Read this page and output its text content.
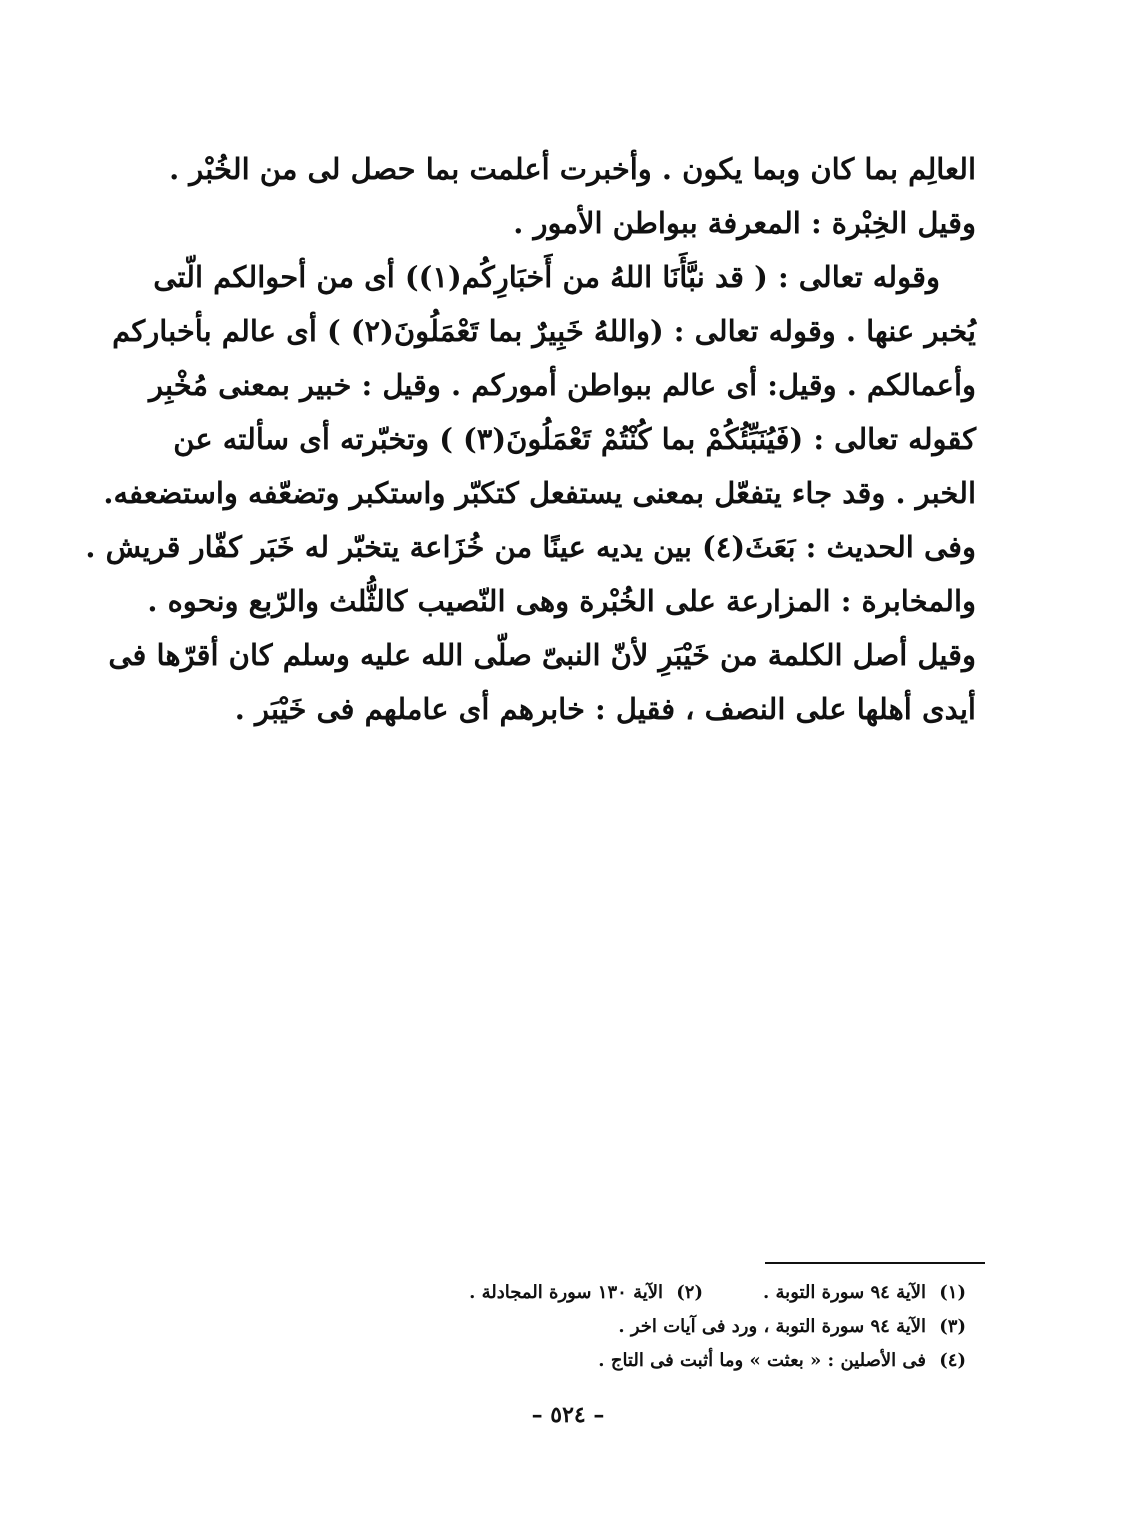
العالِم بما كان وبما يكون . وأخبرت أعلمت بما حصل لى من الخُبْر .
وقيل الخِبْرة : المعرفة ببواطن الأمور .
وقوله تعالى : ( قد نبَّأَنَا اللهُ من أَخبَارِكُم(١)) أى من أحوالكم الّتى
يُخبر عنها . وقوله تعالى : (واللهُ خَبِيرٌ بما تَعْمَلُونَ(٢) ) أى عالم بأخباركم
وأعمالكم . وقيل: أى عالم ببواطن أموركم . وقيل : خبير بمعنى مُخْبِر
كقوله تعالى : (فَيُنَبِّئُكُمْ بما كُنْتُمْ تَعْمَلُونَ(٣) ) وتخبّرته أى سألته عن
الخبر . وقد جاء يتفعّل بمعنى يستفعل كتكبّر واستكبر وتضعّفه واستضعفه.
وفى الحديث : بَعَثَ(٤) بين يديه عينًا من خُزَاعة يتخبّر له خَبَر كفّار قريش .
والمخابرة : المزارعة على الخُبْرة وهى النّصيب كالثُّلث والرّبع ونحوه .
وقيل أصل الكلمة من خَيْبَرِ لأنّ النبىّ صلّى الله عليه وسلم كان أقرّها فى
أيدى أهلها على النصف ، فقيل : خابرهم أى عاملهم فى خَيْبَر .
(١)
الآية ٩٤ سورة التوبة .
(٢)
الآية ١٣٠ سورة المجادلة .
(٣)
الآية ٩٤ سورة التوبة ، ورد فى آيات اخر .
(٤)
فى الأصلين : « بعثت » وما أثبت فى التاج .
– ٥٢٤ –
